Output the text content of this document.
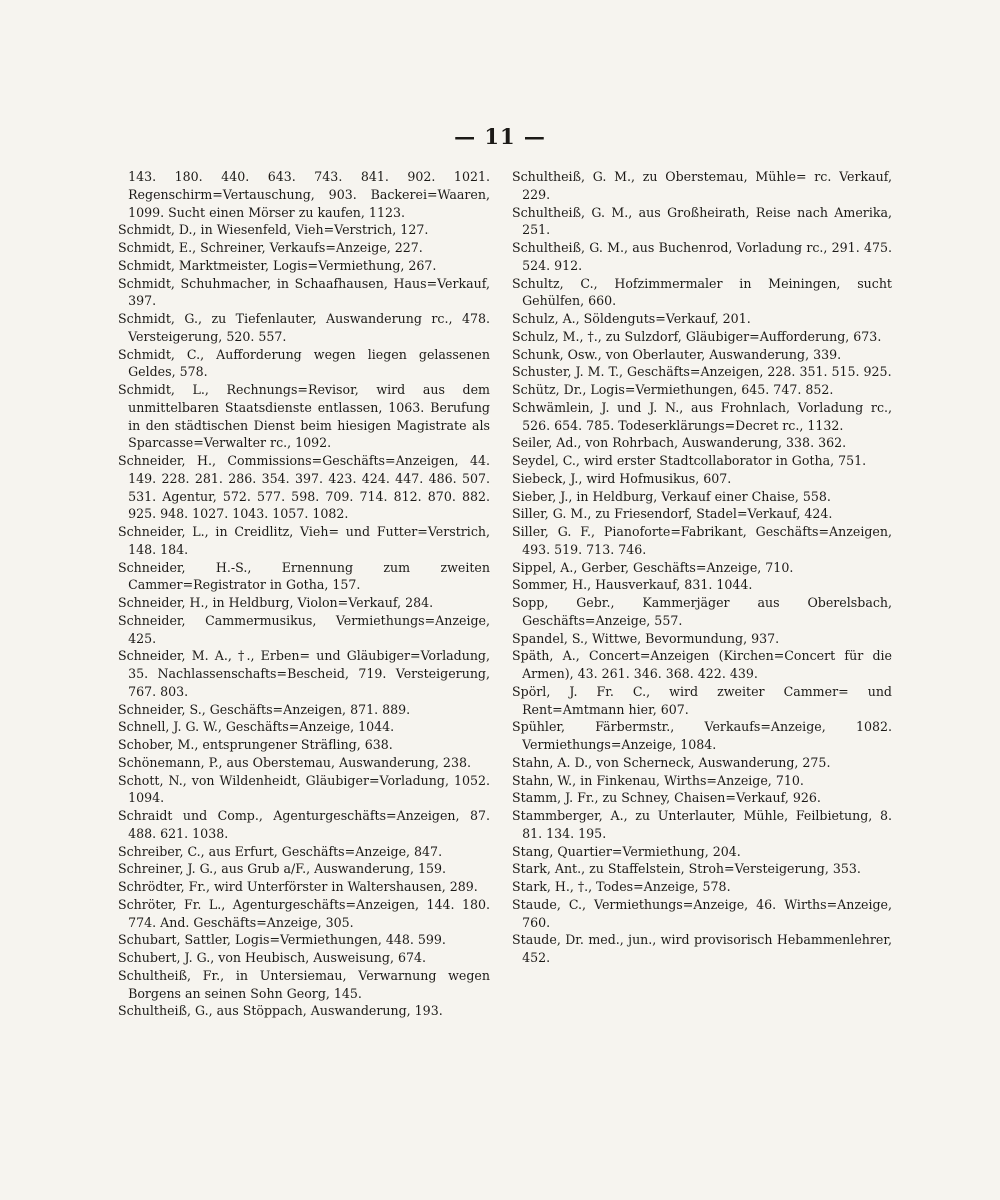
— 11 —
143. 180. 440. 643. 743. 841. 902. 1021. Regenschirm=Vertauschung, 903. Backerei=Waaren, 1099. Sucht einen Mörser zu kaufen, 1123.
Schmidt, D., in Wiesenfeld, Vieh=Verstrich, 127.
Schmidt, E., Schreiner, Verkaufs=Anzeige, 227.
Schmidt, Marktmeister, Logis=Vermiethung, 267.
Schmidt, Schuhmacher, in Schaafhausen, Haus=Verkauf, 397.
Schmidt, G., zu Tiefenlauter, Auswanderung rc., 478. Versteigerung, 520. 557.
Schmidt, C., Aufforderung wegen liegen gelassenen Geldes, 578.
Schmidt, L., Rechnungs=Revisor, wird aus dem unmittelbaren Staatsdienste entlassen, 1063. Berufung in den städtischen Dienst beim hiesigen Magistrate als Sparcasse=Verwalter rc., 1092.
Schneider, H., Commissions=Geschäfts=Anzeigen, 44. 149. 228. 281. 286. 354. 397. 423. 424. 447. 486. 507. 531. Agentur, 572. 577. 598. 709. 714. 812. 870. 882. 925. 948. 1027. 1043. 1057. 1082.
Schneider, L., in Creidlitz, Vieh= und Futter=Verstrich, 148. 184.
Schneider, H.-S., Ernennung zum zweiten Cammer=Registrator in Gotha, 157.
Schneider, H., in Heldburg, Violon=Verkauf, 284.
Schneider, Cammermusikus, Vermiethungs=Anzeige, 425.
Schneider, M. A., †., Erben= und Gläubiger=Vorladung, 35. Nachlassenschafts=Bescheid, 719. Versteigerung, 767. 803.
Schneider, S., Geschäfts=Anzeigen, 871. 889.
Schnell, J. G. W., Geschäfts=Anzeige, 1044.
Schober, M., entsprungener Sträfling, 638.
Schönemann, P., aus Oberstemau, Auswanderung, 238.
Schott, N., von Wildenheidt, Gläubiger=Vorladung, 1052. 1094.
Schraidt und Comp., Agenturgeschäfts=Anzeigen, 87. 488. 621. 1038.
Schreiber, C., aus Erfurt, Geschäfts=Anzeige, 847.
Schreiner, J. G., aus Grub a/F., Auswanderung, 159.
Schrödter, Fr., wird Unterförster in Waltershausen, 289.
Schröter, Fr. L., Agenturgeschäfts=Anzeigen, 144. 180. 774. And. Geschäfts=Anzeige, 305.
Schubart, Sattler, Logis=Vermiethungen, 448. 599.
Schubert, J. G., von Heubisch, Ausweisung, 674.
Schultheiß, Fr., in Untersiemau, Verwarnung wegen Borgens an seinen Sohn Georg, 145.
Schultheiß, G., aus Stöppach, Auswanderung, 193.
Schultheiß, G. M., zu Oberstemau, Mühle= rc. Verkauf, 229.
Schultheiß, G. M., aus Großheirath, Reise nach Amerika, 251.
Schultheiß, G. M., aus Buchenrod, Vorladung rc., 291. 475. 524. 912.
Schultz, C., Hofzimmermaler in Meiningen, sucht Gehülfen, 660.
Schulz, A., Söldenguts=Verkauf, 201.
Schulz, M., †., zu Sulzdorf, Gläubiger=Aufforderung, 673.
Schunk, Osw., von Oberlauter, Auswanderung, 339.
Schuster, J. M. T., Geschäfts=Anzeigen, 228. 351. 515. 925.
Schütz, Dr., Logis=Vermiethungen, 645. 747. 852.
Schwämlein, J. und J. N., aus Frohnlach, Vorladung rc., 526. 654. 785. Todeserklärungs=Decret rc., 1132.
Seiler, Ad., von Rohrbach, Auswanderung, 338. 362.
Seydel, C., wird erster Stadtcollaborator in Gotha, 751.
Siebeck, J., wird Hofmusikus, 607.
Sieber, J., in Heldburg, Verkauf einer Chaise, 558.
Siller, G. M., zu Friesendorf, Stadel=Verkauf, 424.
Siller, G. F., Pianoforte=Fabrikant, Geschäfts=Anzeigen, 493. 519. 713. 746.
Sippel, A., Gerber, Geschäfts=Anzeige, 710.
Sommer, H., Hausverkauf, 831. 1044.
Sopp, Gebr., Kammerjäger aus Oberelsbach, Geschäfts=Anzeige, 557.
Spandel, S., Wittwe, Bevormundung, 937.
Späth, A., Concert=Anzeigen (Kirchen=Concert für die Armen), 43. 261. 346. 368. 422. 439.
Spörl, J. Fr. C., wird zweiter Cammer= und Rent=Amtmann hier, 607.
Spühler, Färbermstr., Verkaufs=Anzeige, 1082. Vermiethungs=Anzeige, 1084.
Stahn, A. D., von Scherneck, Auswanderung, 275.
Stahn, W., in Finkenau, Wirths=Anzeige, 710.
Stamm, J. Fr., zu Schney, Chaisen=Verkauf, 926.
Stammberger, A., zu Unterlauter, Mühle, Feilbietung, 8. 81. 134. 195.
Stang, Quartier=Vermiethung, 204.
Stark, Ant., zu Staffelstein, Stroh=Versteigerung, 353.
Stark, H., †., Todes=Anzeige, 578.
Staude, C., Vermiethungs=Anzeige, 46. Wirths=Anzeige, 760.
Staude, Dr. med., jun., wird provisorisch Hebammenlehrer, 452.
